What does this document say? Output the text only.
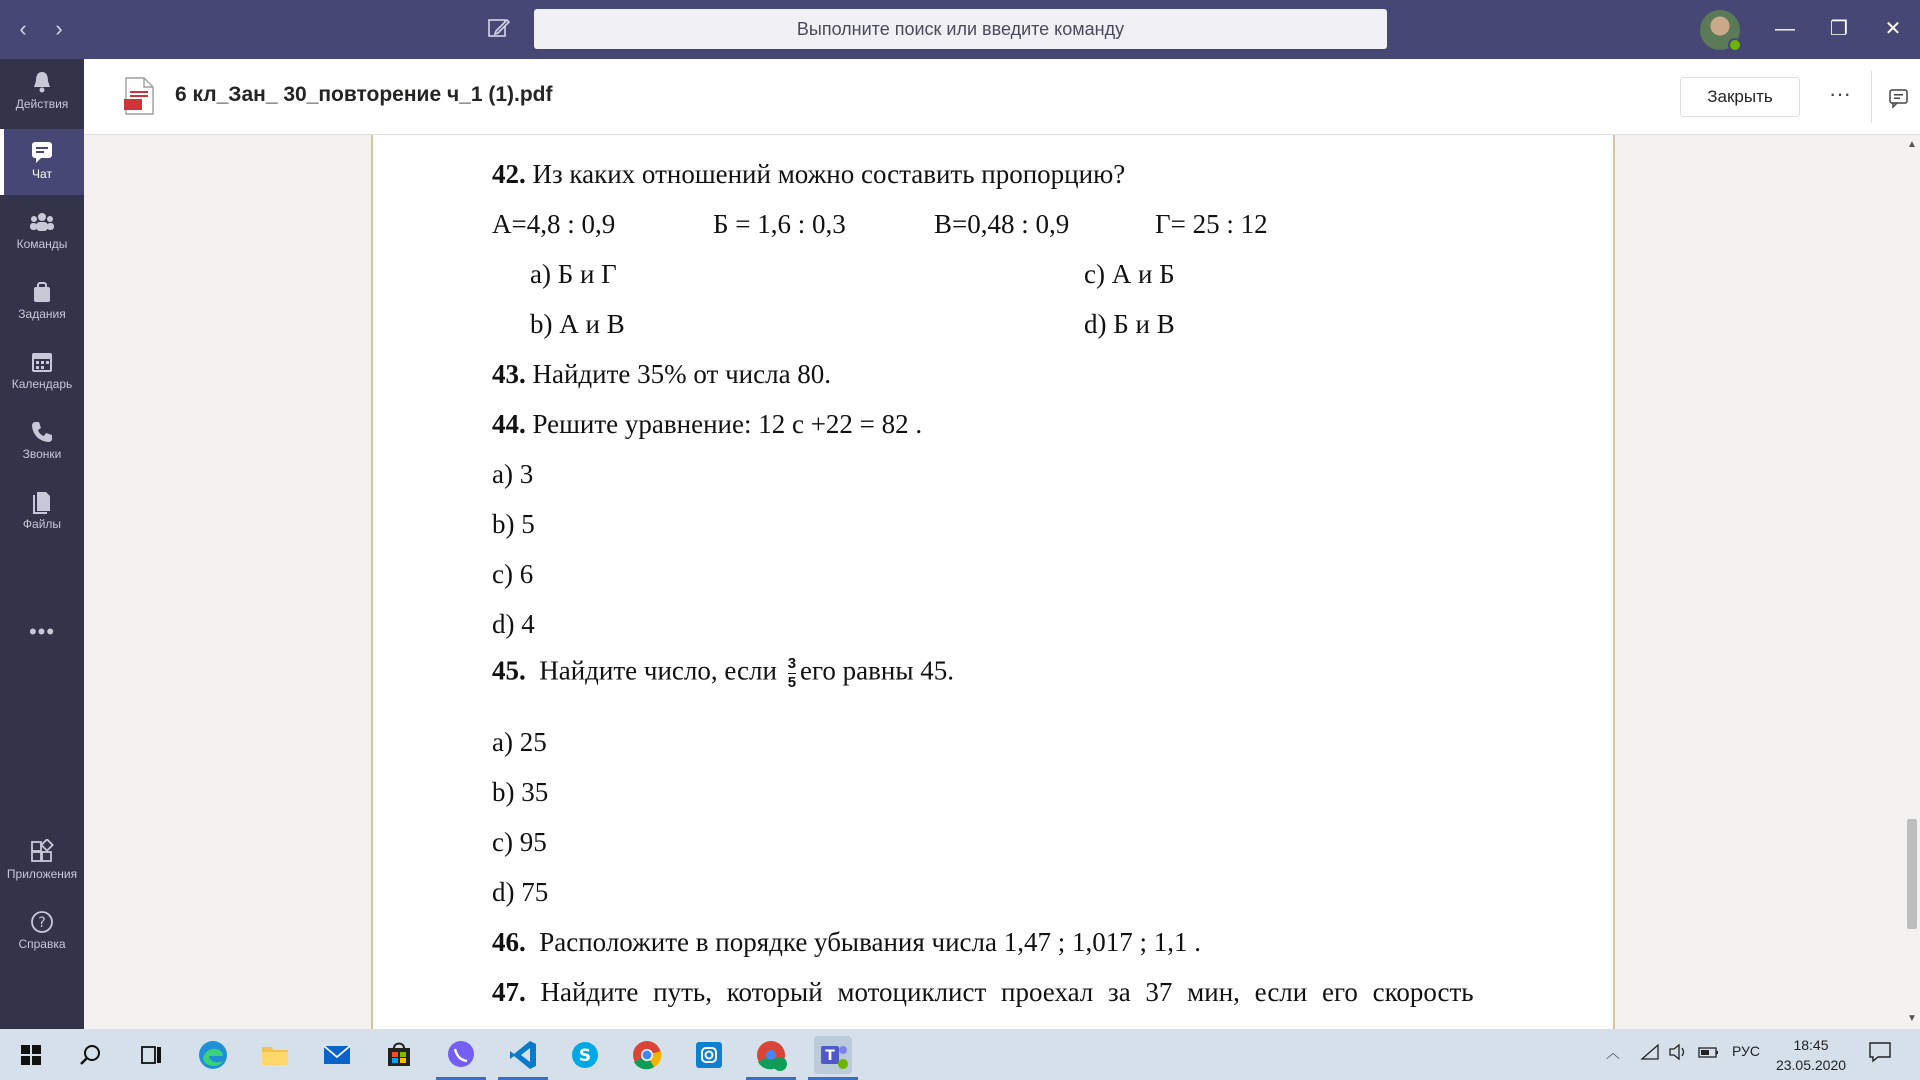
‹	›	Выполните поиск или введите команду	—	❐	✕
Действия
Чат
Команды
Задания
Календарь
Звонки
Файлы
•••
Приложения
?
Справка
6 кл_Зан_ 30_повторение ч_1 (1).pdf	Закрыть	···
42. Из каких отношений можно составить пропорцию?
А=4,8 : 0,9	Б = 1,6 : 0,3	В=0,48 : 0,9	Г= 25 : 12
a) Б и Г	c) А и Б
b) А и В	d) Б и В
43. Найдите 35% от числа 80.
44. Решите уравнение: 12 с +22 = 82 .
a) 3
b) 5
c) 6
d) 4
45. Найдите число, если $\frac{3}{5}$ его равны 45.
a) 25
b) 35
c) 95
d) 75
46. Расположите в порядке убывания числа 1,47 ; 1,017 ; 1,1 .
47. Найдите путь, который мотоциклист проехал за 37 мин, если его скорость
▲
▼
S	T	︿	РУС	18:45
23.05.2020
